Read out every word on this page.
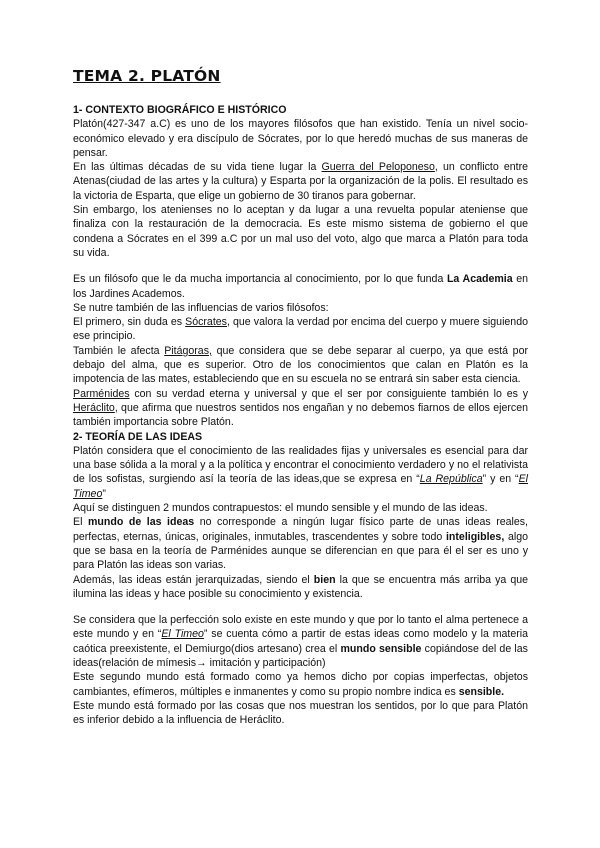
TEMA 2. PLATÓN
1- CONTEXTO BIOGRÁFICO E HISTÓRICO

Platón(427-347 a.C) es uno de los mayores filósofos que han existido. Tenía un nivel socio-económico elevado y era discípulo de Sócrates, por lo que heredó muchas de sus maneras de pensar.

En las últimas décadas de su vida tiene lugar la Guerra del Peloponeso, un conflicto entre Atenas(ciudad de las artes y la cultura) y Esparta por la organización de la polis. El resultado es la victoria de Esparta, que elige un gobierno de 30 tiranos para gobernar.

Sin embargo, los atenienses no lo aceptan y da lugar a una revuelta popular ateniense que finaliza con la restauración de la democracia. Es este mismo sistema de gobierno el que condena a Sócrates en el 399 a.C por un mal uso del voto, algo que marca a Platón para toda su vida.

Es un filósofo que le da mucha importancia al conocimiento, por lo que funda La Academia en los Jardines Academos.

Se nutre también de las influencias de varios filósofos:

El primero, sin duda es Sócrates, que valora la verdad por encima del cuerpo y muere siguiendo ese principio.

También le afecta Pitágoras, que considera que se debe separar al cuerpo, ya que está por debajo del alma, que es superior. Otro de los conocimientos que calan en Platón es la impotencia de las mates, estableciendo que en su escuela no se entrará sin saber esta ciencia.

Parménides con su verdad eterna y universal y que el ser por consiguiente también lo es y Heráclito, que afirma que nuestros sentidos nos engañan y no debemos fiarnos de ellos ejercen también importancia sobre Platón.

2- TEORÍA DE LAS IDEAS

Platón considera que el conocimiento de las realidades fijas y universales es esencial para dar una base sólida a la moral y a la política y encontrar el conocimiento verdadero y no el relativista de los sofistas, surgiendo así la teoría de las ideas,que se expresa en “La República” y en “El Timeo”

Aquí se distinguen 2 mundos contrapuestos: el mundo sensible y el mundo de las ideas.

El mundo de las ideas no corresponde a ningún lugar físico parte de unas ideas reales, perfectas, eternas, únicas, originales, inmutables, trascendentes y sobre todo inteligibles, algo que se basa en la teoría de Parménides aunque se diferencian en que para él el ser es uno y para Platón las ideas son varias.

Además, las ideas están jerarquizadas, siendo el bien la que se encuentra más arriba ya que ilumina las ideas y hace posible su conocimiento y existencia.

Se considera que la perfección solo existe en este mundo y que por lo tanto el alma pertenece a este mundo y en “El Timeo” se cuenta cómo a partir de estas ideas como modelo y la materia caótica preexistente, el Demiurgo(dios artesano) crea el mundo sensible copiándose del de las ideas(relación de mímesis→ imitación y participación)

Este segundo mundo está formado como ya hemos dicho por copias imperfectas, objetos cambiantes, efímeros, múltiples e inmanentes y como su propio nombre indica es sensible.

Este mundo está formado por las cosas que nos muestran los sentidos, por lo que para Platón es inferior debido a la influencia de Heráclito.
